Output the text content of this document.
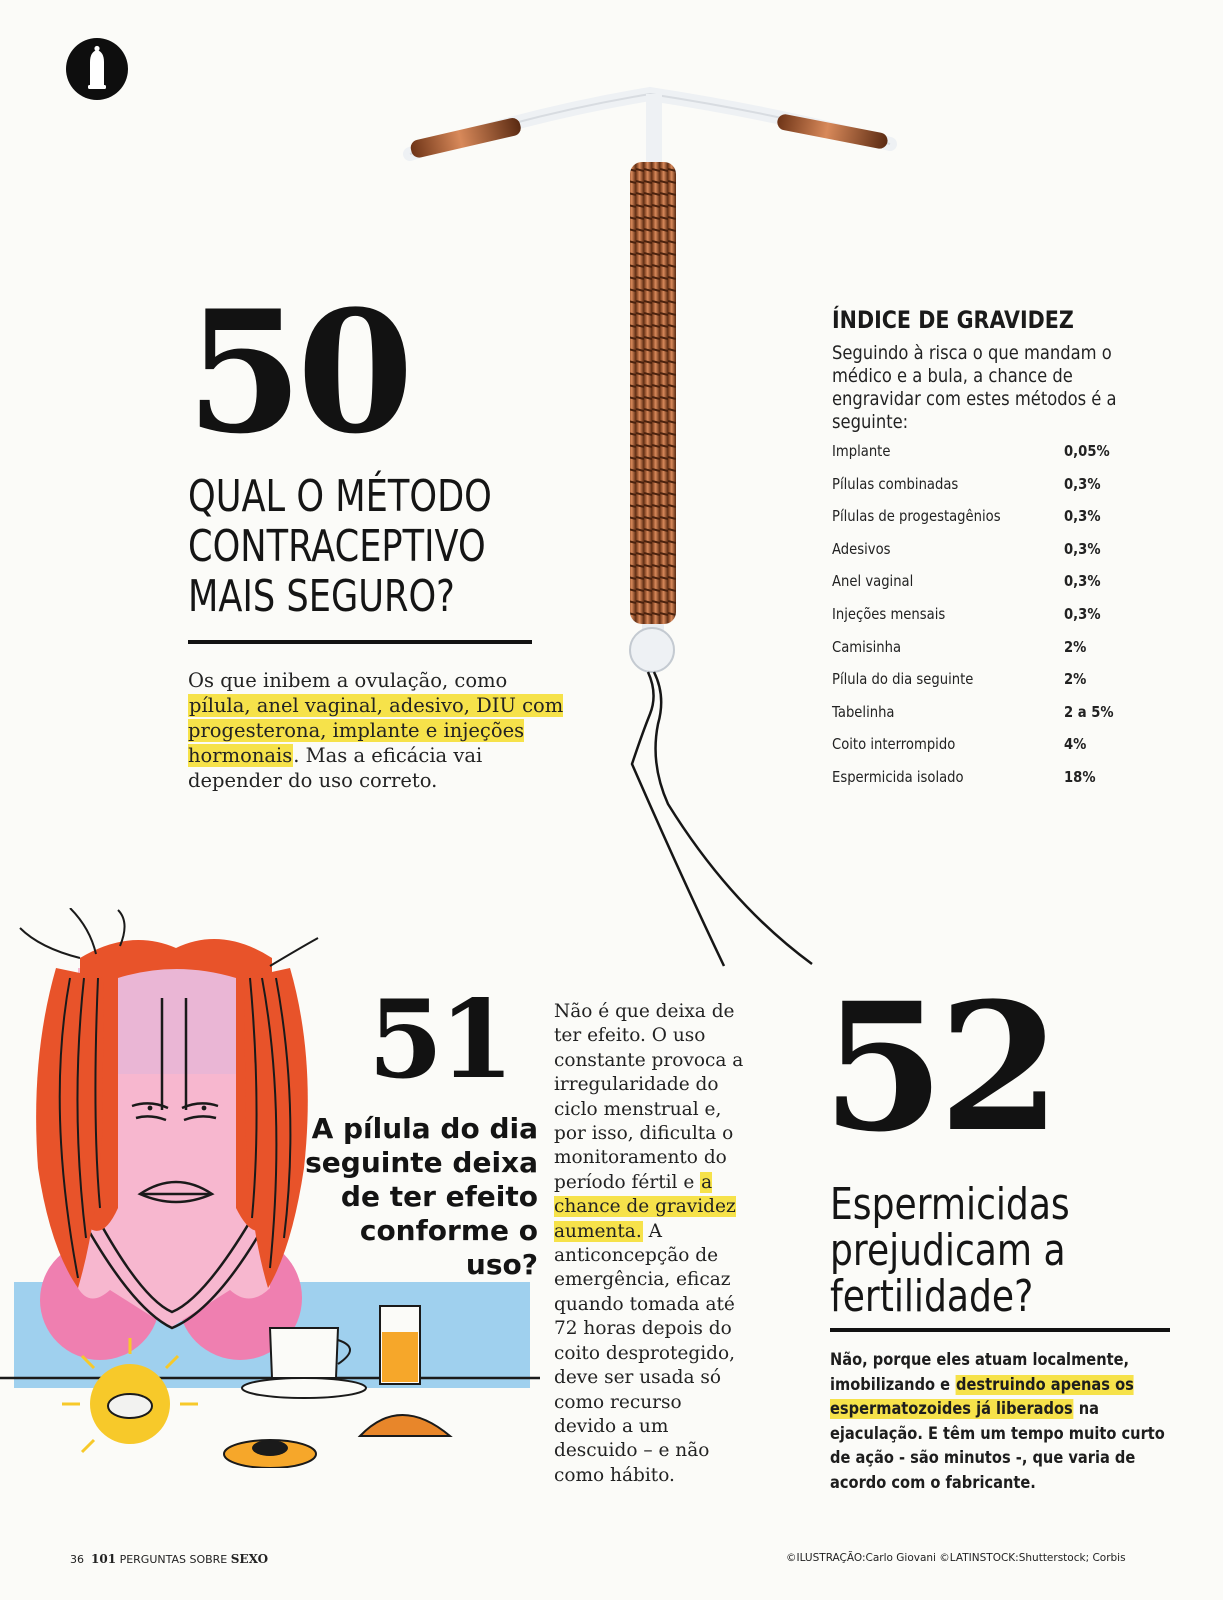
50
QUAL O MÉTODO
CONTRACEPTIVO
MAIS SEGURO?
Os que inibem a ovulação, como pílula, anel vaginal, adesivo, DIU com progesterona, implante e injeções hormonais. Mas a eficácia vai depender do uso correto.
ÍNDICE DE GRAVIDEZ
Seguindo à risca o que mandam o médico e a bula, a chance de engravidar com estes métodos é a seguinte:
Implante	0,05%
Pílulas combinadas	0,3%
Pílulas de progestagênios	0,3%
Adesivos	0,3%
Anel vaginal	0,3%
Injeções mensais	0,3%
Camisinha	2%
Pílula do dia seguinte	2%
Tabelinha	2 a 5%
Coito interrompido	4%
Espermicida isolado	18%
51
A pílula do dia
seguinte deixa
de ter efeito
conforme o uso?
Não é que deixa de ter efeito. O uso constante provoca a irregularidade do ciclo menstrual e, por isso, dificulta o monitoramento do período fértil e a chance de gravidez aumenta. A anticoncepção de emergência, eficaz quando tomada até 72 horas depois do coito desprotegido, deve ser usada só como recurso devido a um descuido – e não como hábito.
52
Espermicidas
prejudicam a
fertilidade?
Não, porque eles atuam localmente, imobilizando e destruindo apenas os espermatozoides já liberados na ejaculação. E têm um tempo muito curto de ação - são minutos -, que varia de acordo com o fabricante.
36 101 PERGUNTAS SOBRE SEXO	©ILUSTRAÇÃO:Carlo Giovani ©LATINSTOCK:Shutterstock; Corbis
